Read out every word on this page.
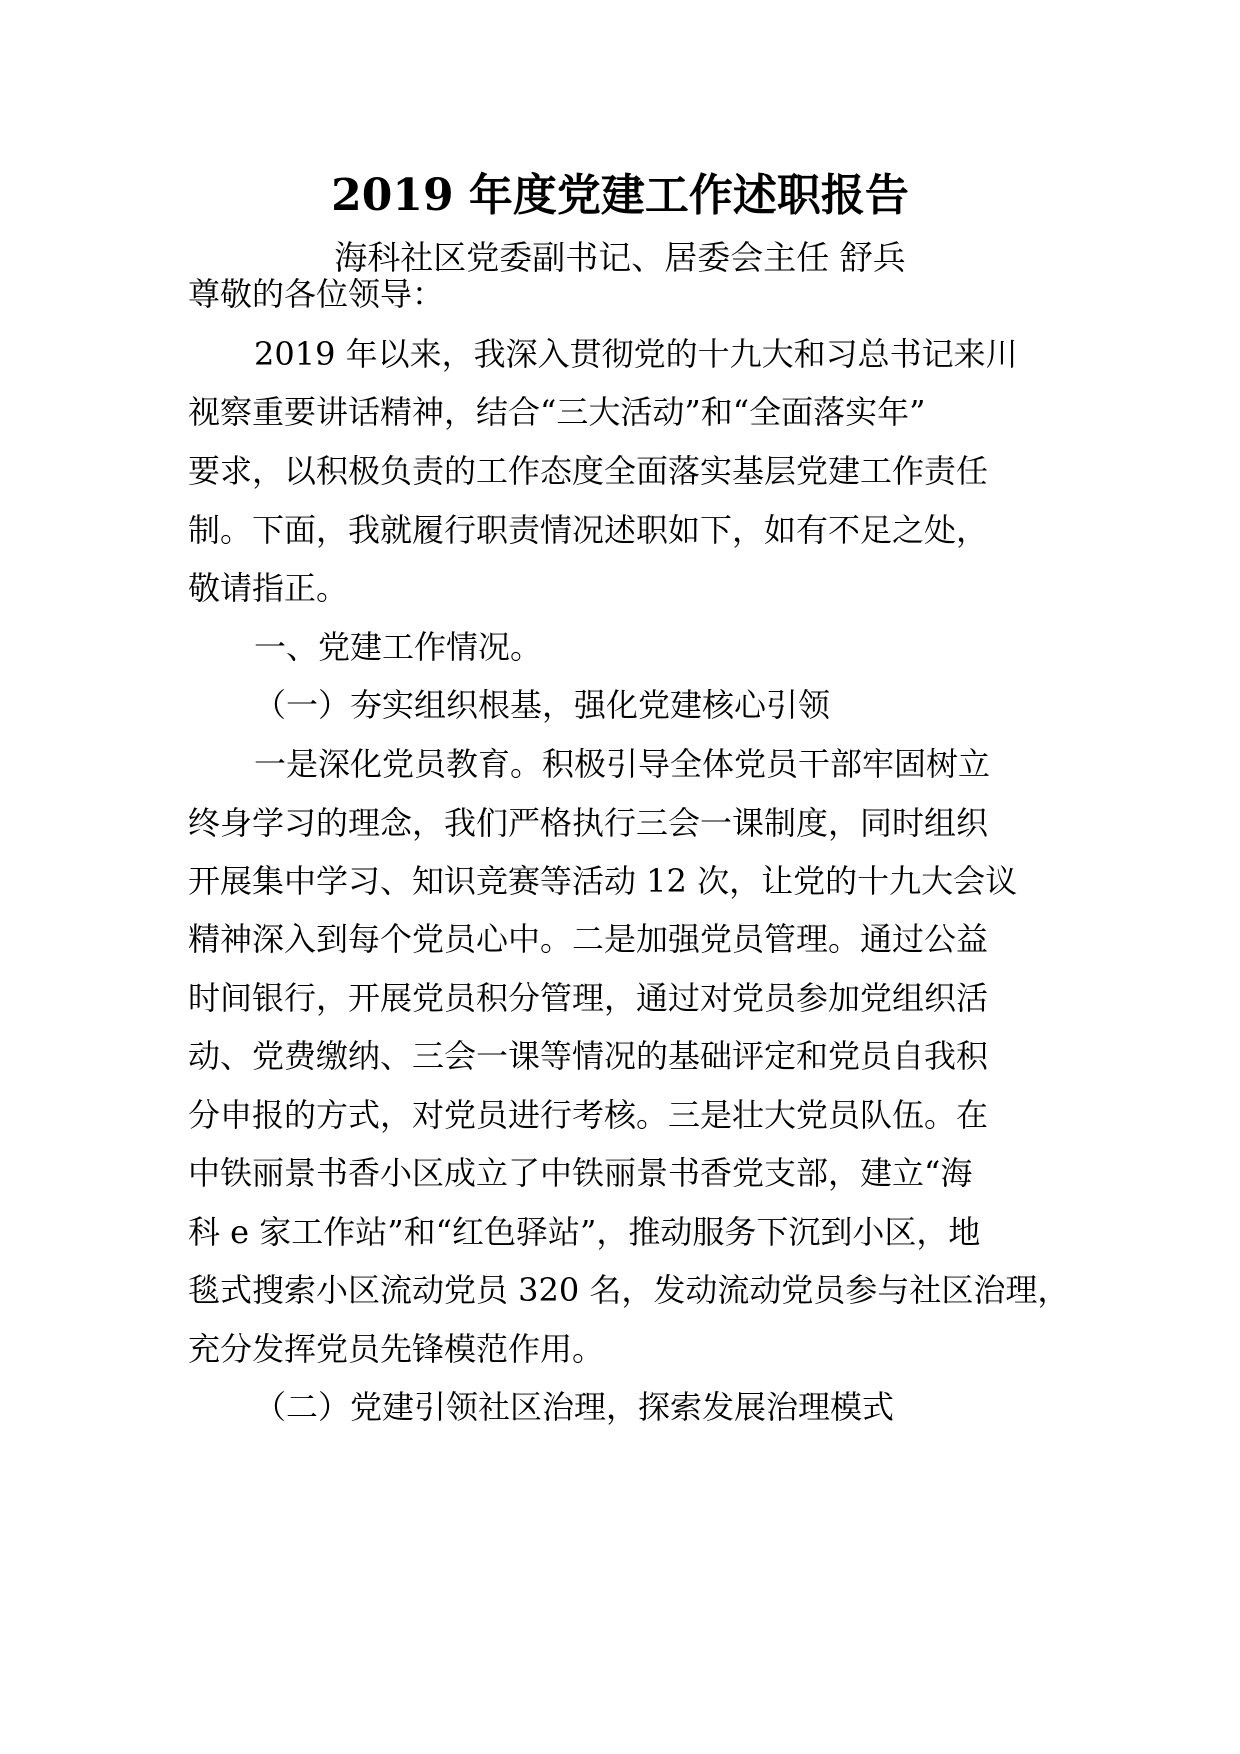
2019 年度党建工作述职报告
海科社区党委副书记、居委会主任 舒兵
尊敬的各位领导：
2019 年以来，我深入贯彻党的十九大和习总书记来川
视察重要讲话精神，结合“三大活动”和“全面落实年”
要求，以积极负责的工作态度全面落实基层党建工作责任
制。下面，我就履行职责情况述职如下，如有不足之处，
敬请指正。
一、党建工作情况。
（一）夯实组织根基，强化党建核心引领
一是深化党员教育。积极引导全体党员干部牢固树立
终身学习的理念，我们严格执行三会一课制度，同时组织
开展集中学习、知识竞赛等活动 12 次，让党的十九大会议
精神深入到每个党员心中。二是加强党员管理。通过公益
时间银行，开展党员积分管理，通过对党员参加党组织活
动、党费缴纳、三会一课等情况的基础评定和党员自我积
分申报的方式，对党员进行考核。三是壮大党员队伍。在
中铁丽景书香小区成立了中铁丽景书香党支部，建立“海
科 e 家工作站”和“红色驿站”，推动服务下沉到小区，地
毯式搜索小区流动党员 320 名，发动流动党员参与社区治理，
充分发挥党员先锋模范作用。
（二）党建引领社区治理，探索发展治理模式
